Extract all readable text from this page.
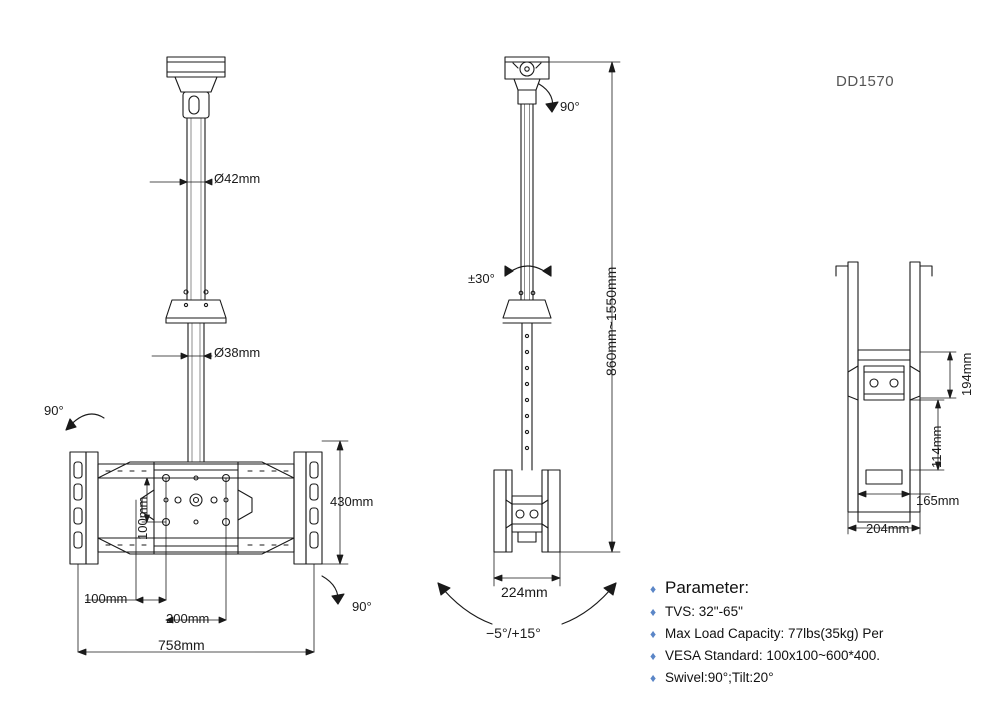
DD1570
Ø42mm
Ø38mm
90°
90°
430mm
100mm
100mm
200mm
758mm
90°
±30°	860mm~1550mm
224mm
−5°/+15°
194mm
114mm
165mm
204mm
♦ Parameter:
♦ TVS: 32"-65"
♦ Max Load Capacity: 77lbs(35kg) Per
♦ VESA Standard: 100x100~600*400.
♦ Swivel:90°;Tilt:20°
